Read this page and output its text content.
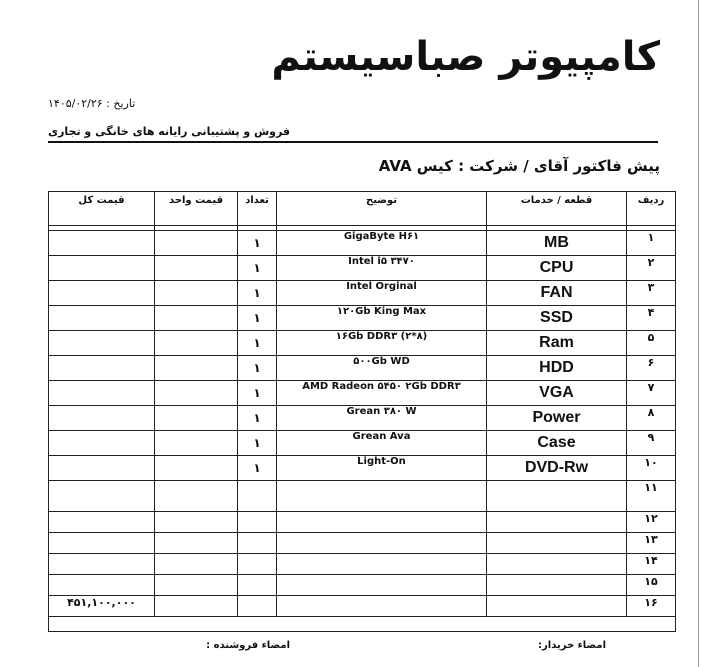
کامپیوتر صباسیستم
تاریخ : ۱۴۰۵/۰۲/۲۶
فروش و پشتیبانی رایانه های خانگی و تجاری
پیش فاکتور آقای / شرکت : کیس AVA
قیمت کل	قیمت واحد	تعداد	توضیح	قطعه / خدمات	ردیف

		۱	GigaByte H۶۱	MB	۱
		۱	Intel i۵ ۳۴۷۰	CPU	۲
		۱	Intel Orginal	FAN	۳
		۱	۱۲۰Gb King Max	SSD	۴
		۱	۱۶Gb DDR۳ (۲*۸)	Ram	۵
		۱	۵۰۰Gb WD	HDD	۶
		۱	AMD Radeon ۵۴۵۰ ۲Gb DDR۳	VGA	۷
		۱	Grean ۳۸۰ W	Power	۸
		۱	Grean Ava	Case	۹
		۱	Light-On	DVD-Rw	۱۰
					۱۱
					۱۲
					۱۳
					۱۴
					۱۵
۴۵۱,۱۰۰,۰۰۰					۱۶

امضاء خریدار:
امضاء فروشنده :
